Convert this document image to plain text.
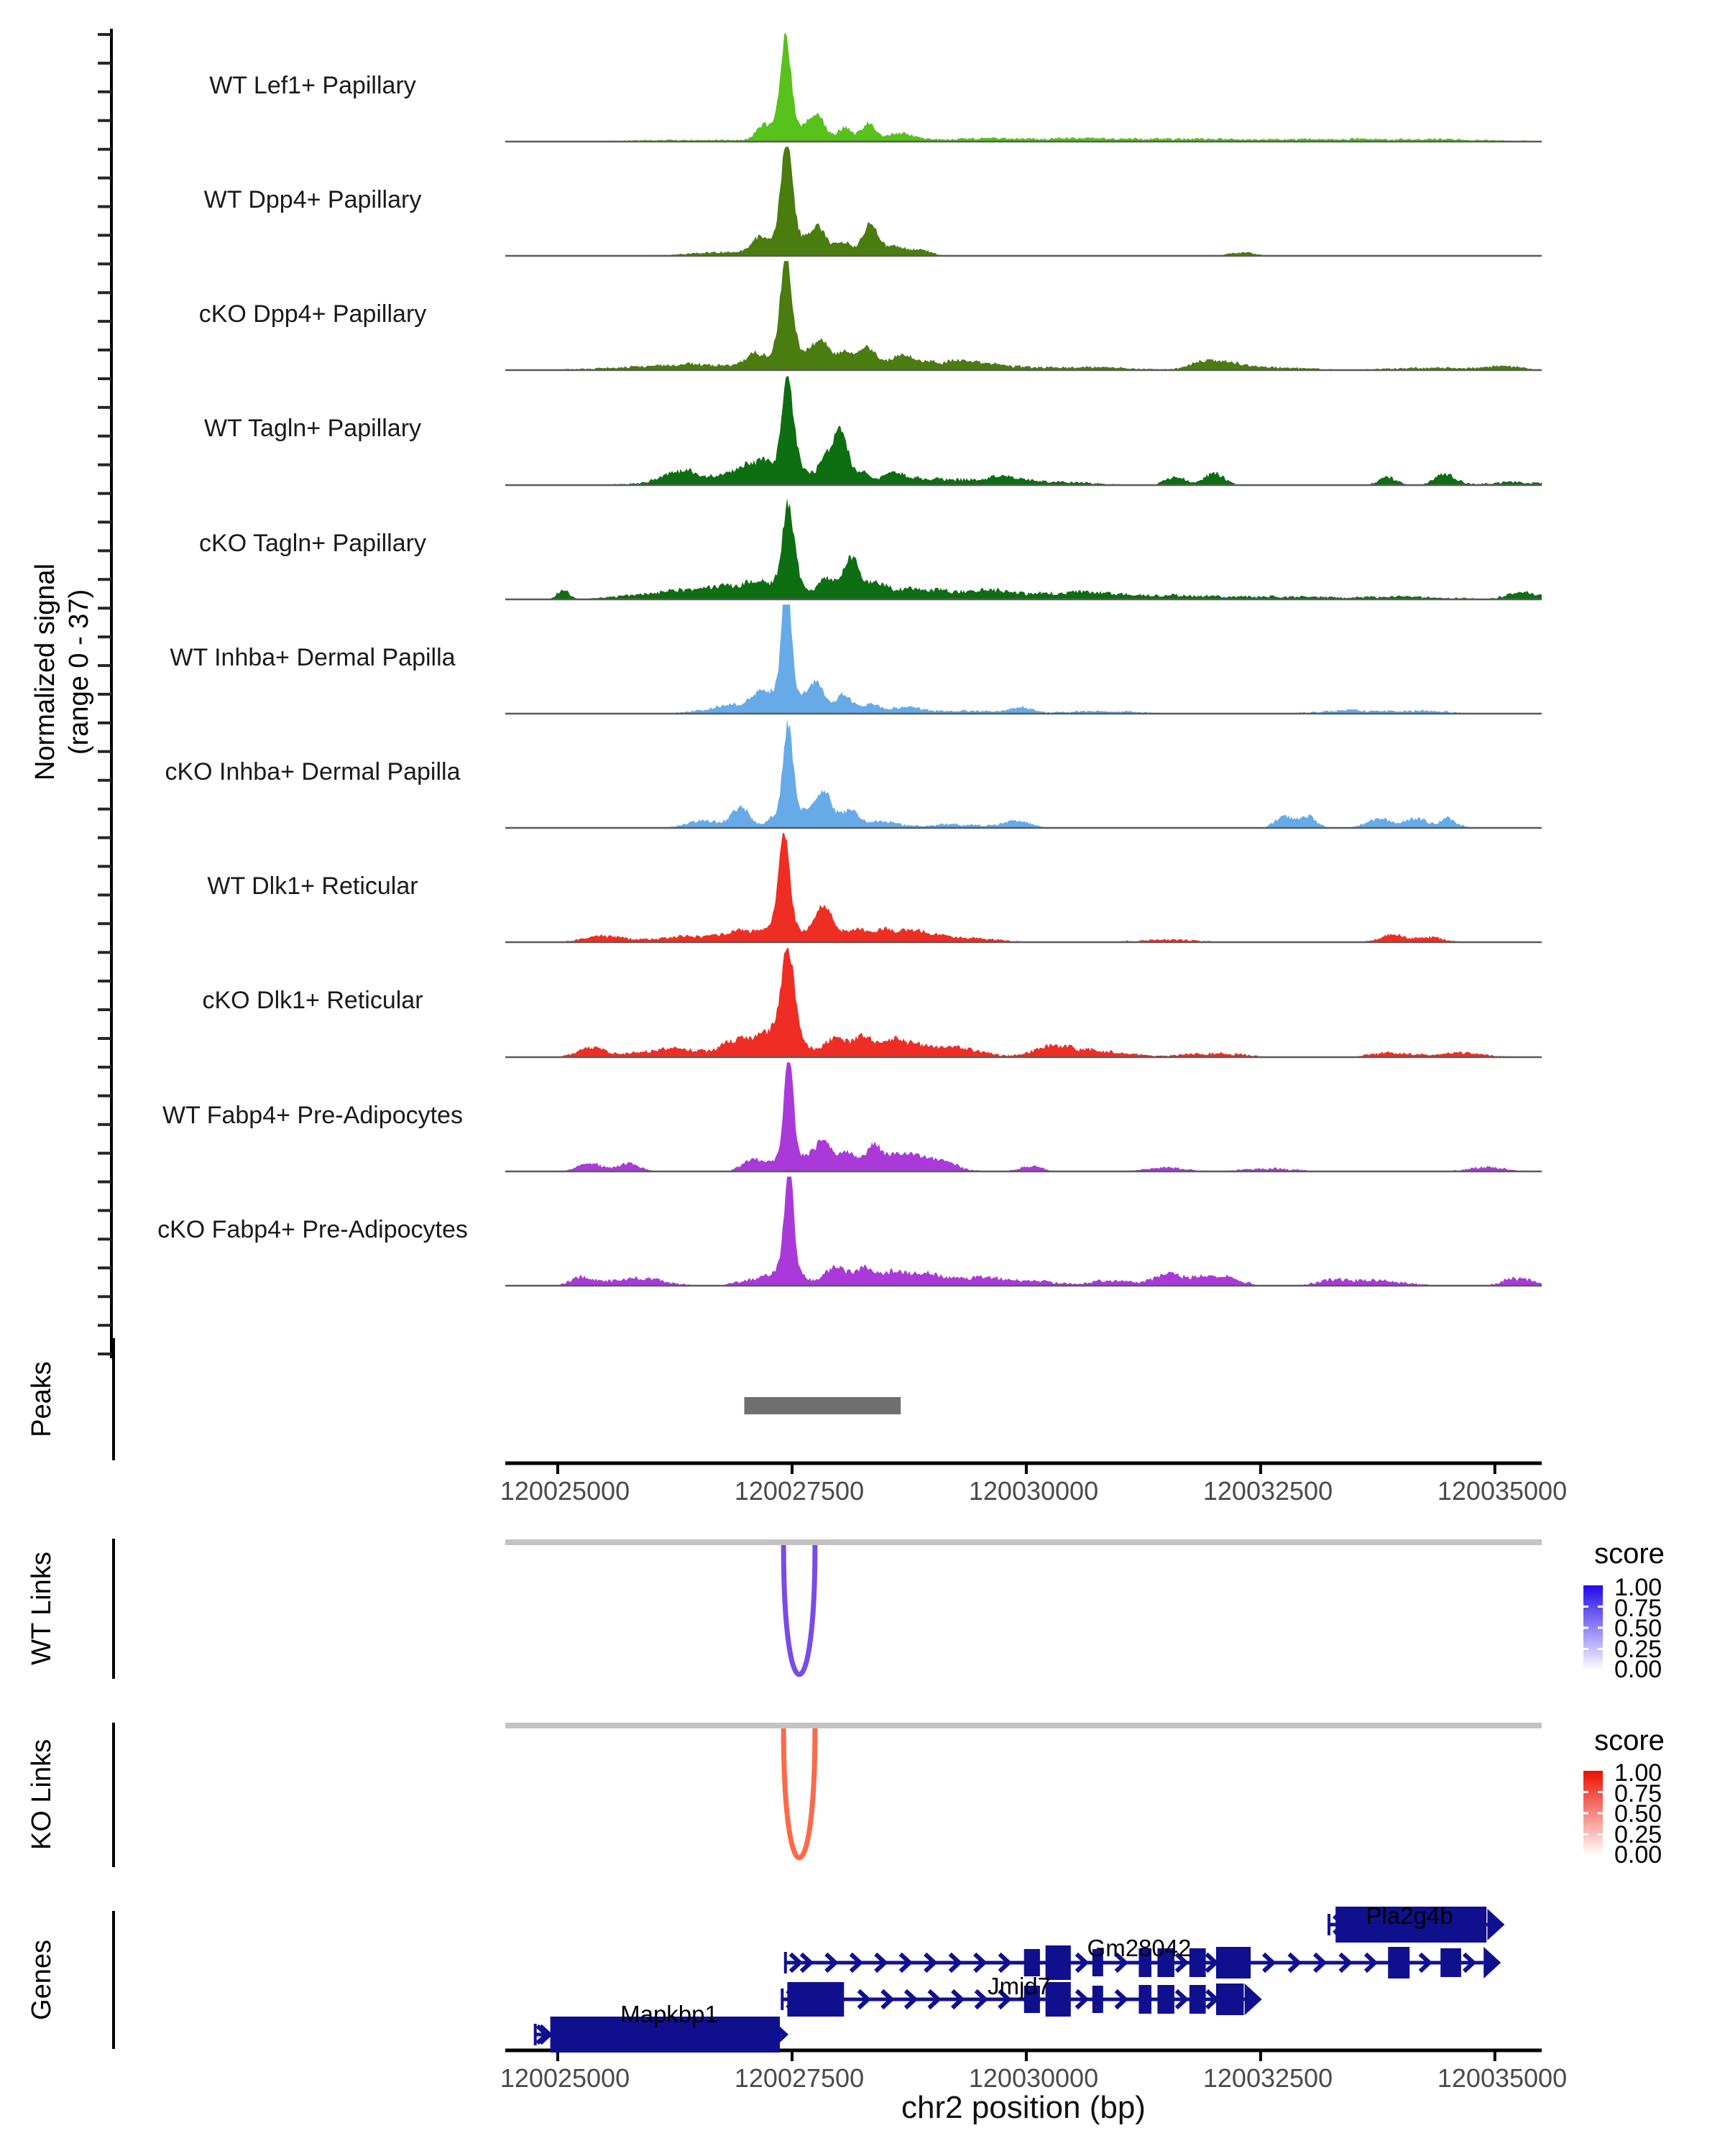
Normalized signal (range 0 - 37)
WT Lef1+ Papillary
WT Dpp4+ Papillary
cKO Dpp4+ Papillary
WT Tagln+ Papillary
cKO Tagln+ Papillary
WT Inhba+ Dermal Papilla
cKO Inhba+ Dermal Papilla
WT Dlk1+ Reticular
cKO Dlk1+ Reticular
WT Fabp4+ Pre-Adipocytes
cKO Fabp4+ Pre-Adipocytes
Peaks
WT Links
KO Links
Genes
120025000	120027500	120030000	120032500	120035000
120025000	120027500	120030000	120032500	120035000
chr2 position (bp)
score
1.00
0.75
0.50
0.25
0.00
score
1.00
0.75
0.50
0.25
0.00
Pla2g4b
Gm28042
Jmjd7
Mapkbp1
